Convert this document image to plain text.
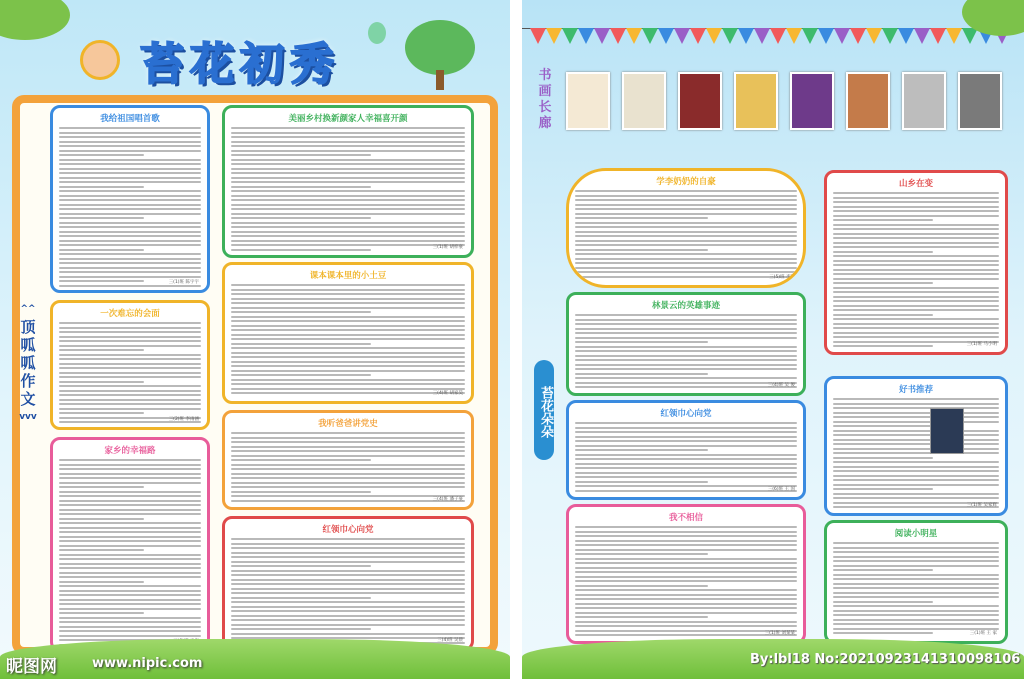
苔花初秀
^^
顶呱呱作文
vvv
我给祖国唱首歌
三(1)班 陈宇宇
美丽乡村换新颜家人幸福喜开颜
三(1)班 胡梓豪
一次难忘的会面
三(2)班 李雨涵
课本课本里的小土豆
三(4)班 胡家昊
家乡的幸福路
我听爸爸讲党史
三(4)班 潘子豪
红领巾心向党
三(4)班 吴晨
昵图网	www.nipic.com
书画长廊
苔花朵朵
学李奶奶的自豪
三(5)班 李明
林景云的英雄事迹
三(4)班 吴 俊
山乡在变
三(1)班 马小明
红领巾心向党
三(6)班 王 国
我不相信
三(1)班 刘某某
好书推荐
三(1)班 吴家辉
阅读小明星
三(1)班 王 家
By:lbl18 No:20210923141310098106
